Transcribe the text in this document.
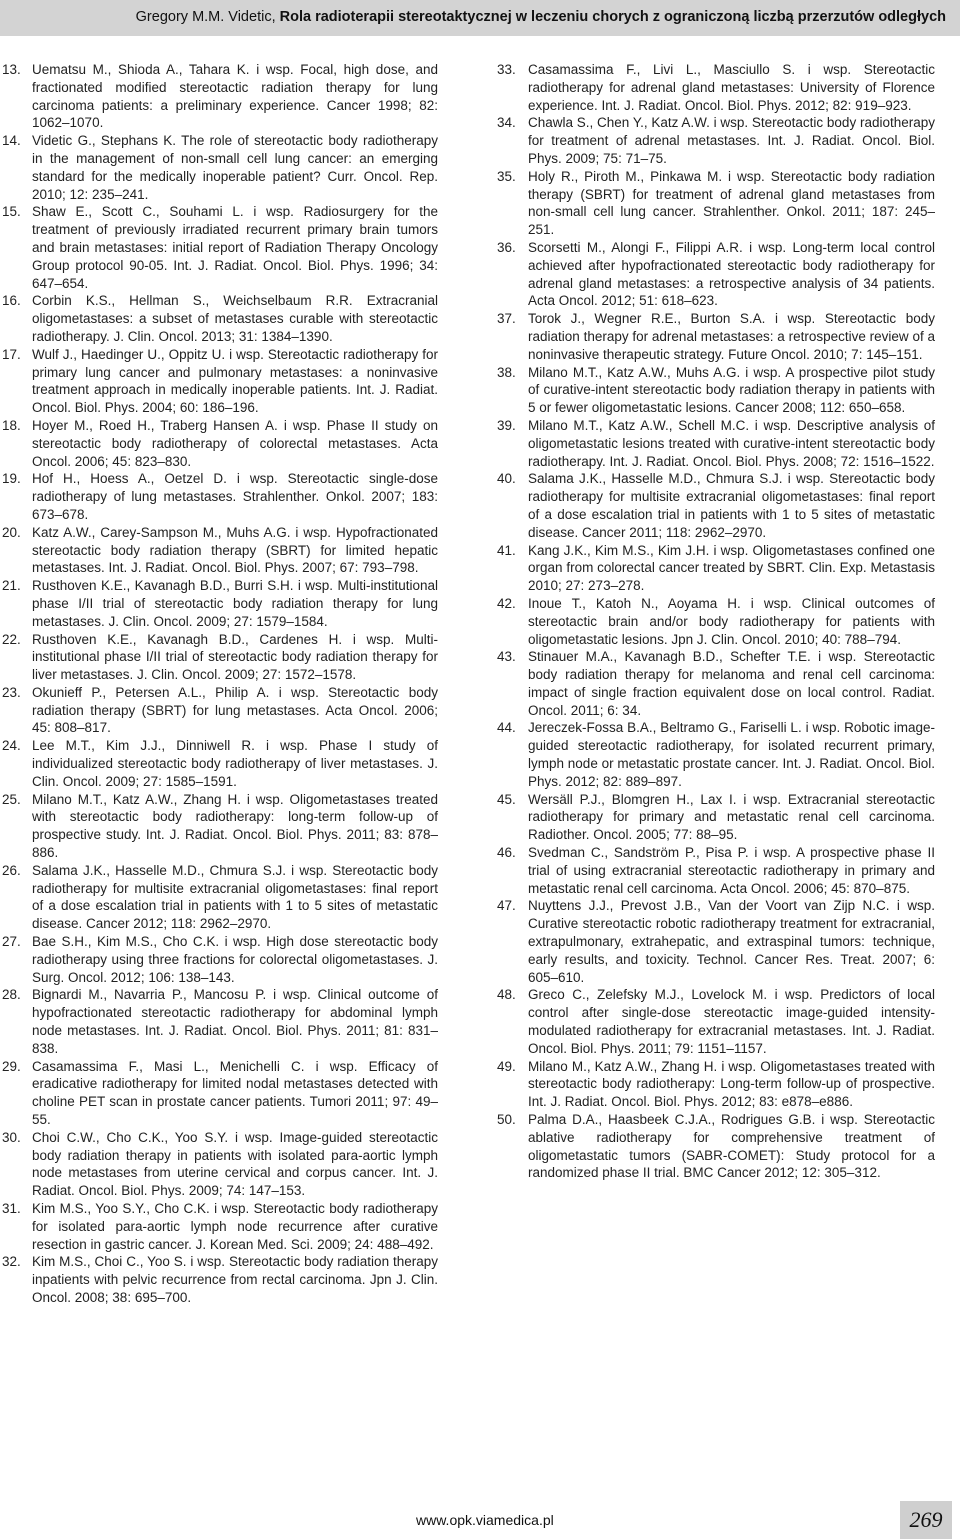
Gregory M.M. Videtic, Rola radioterapii stereotaktycznej w leczeniu chorych z ograniczoną liczbą przerzutów odległych

13. Uematsu M., Shioda A., Tahara K. i wsp. Focal, high dose, and fractionated modified stereotactic radiation therapy for lung carcinoma patients: a preliminary experience. Cancer 1998; 82: 1062–1070.

14. Videtic G., Stephans K. The role of stereotactic body radiotherapy in the management of non-small cell lung cancer: an emerging standard for the medically inoperable patient? Curr. Oncol. Rep. 2010; 12: 235–241.

15. Shaw E., Scott C., Souhami L. i wsp. Radiosurgery for the treatment of previously irradiated recurrent primary brain tumors and brain metastases: initial report of Radiation Therapy Oncology Group protocol 90-05. Int. J. Radiat. Oncol. Biol. Phys. 1996; 34: 647–654.

16. Corbin K.S., Hellman S., Weichselbaum R.R. Extracranial oligometastases: a subset of metastases curable with stereotactic radiotherapy. J. Clin. Oncol. 2013; 31: 1384–1390.

17. Wulf J., Haedinger U., Oppitz U. i wsp. Stereotactic radiotherapy for primary lung cancer and pulmonary metastases: a noninvasive treatment approach in medically inoperable patients. Int. J. Radiat. Oncol. Biol. Phys. 2004; 60: 186–196.

18. Hoyer M., Roed H., Traberg Hansen A. i wsp. Phase II study on stereotactic body radiotherapy of colorectal metastases. Acta Oncol. 2006; 45: 823–830.

19. Hof H., Hoess A., Oetzel D. i wsp. Stereotactic single-dose radiotherapy of lung metastases. Strahlenther. Onkol. 2007; 183: 673–678.

20. Katz A.W., Carey-Sampson M., Muhs A.G. i wsp. Hypofractionated stereotactic body radiation therapy (SBRT) for limited hepatic metastases. Int. J. Radiat. Oncol. Biol. Phys. 2007; 67: 793–798.

21. Rusthoven K.E., Kavanagh B.D., Burri S.H. i wsp. Multi-institutional phase I/II trial of stereotactic body radiation therapy for lung metastases. J. Clin. Oncol. 2009; 27: 1579–1584.

22. Rusthoven K.E., Kavanagh B.D., Cardenes H. i wsp. Multi-institutional phase I/II trial of stereotactic body radiation therapy for liver metastases. J. Clin. Oncol. 2009; 27: 1572–1578.

23. Okunieff P., Petersen A.L., Philip A. i wsp. Stereotactic body radiation therapy (SBRT) for lung metastases. Acta Oncol. 2006; 45: 808–817.

24. Lee M.T., Kim J.J., Dinniwell R. i wsp. Phase I study of individualized stereotactic body radiotherapy of liver metastases. J. Clin. Oncol. 2009; 27: 1585–1591.

25. Milano M.T., Katz A.W., Zhang H. i wsp. Oligometastases treated with stereotactic body radiotherapy: long-term follow-up of prospective study. Int. J. Radiat. Oncol. Biol. Phys. 2011; 83: 878–886.

26. Salama J.K., Hasselle M.D., Chmura S.J. i wsp. Stereotactic body radiotherapy for multisite extracranial oligometastases: final report of a dose escalation trial in patients with 1 to 5 sites of metastatic disease. Cancer 2012; 118: 2962–2970.

27. Bae S.H., Kim M.S., Cho C.K. i wsp. High dose stereotactic body radiotherapy using three fractions for colorectal oligometastases. J. Surg. Oncol. 2012; 106: 138–143.

28. Bignardi M., Navarria P., Mancosu P. i wsp. Clinical outcome of hypofractionated stereotactic radiotherapy for abdominal lymph node metastases. Int. J. Radiat. Oncol. Biol. Phys. 2011; 81: 831–838.

29. Casamassima F., Masi L., Menichelli C. i wsp. Efficacy of eradicative radiotherapy for limited nodal metastases detected with choline PET scan in prostate cancer patients. Tumori 2011; 97: 49–55.

30. Choi C.W., Cho C.K., Yoo S.Y. i wsp. Image-guided stereotactic body radiation therapy in patients with isolated para-aortic lymph node metastases from uterine cervical and corpus cancer. Int. J. Radiat. Oncol. Biol. Phys. 2009; 74: 147–153.

31. Kim M.S., Yoo S.Y., Cho C.K. i wsp. Stereotactic body radiotherapy for isolated para-aortic lymph node recurrence after curative resection in gastric cancer. J. Korean Med. Sci. 2009; 24: 488–492.

32. Kim M.S., Choi C., Yoo S. i wsp. Stereotactic body radiation therapy inpatients with pelvic recurrence from rectal carcinoma. Jpn J. Clin. Oncol. 2008; 38: 695–700.

33. Casamassima F., Livi L., Masciullo S. i wsp. Stereotactic radiotherapy for adrenal gland metastases: University of Florence experience. Int. J. Radiat. Oncol. Biol. Phys. 2012; 82: 919–923.

34. Chawla S., Chen Y., Katz A.W. i wsp. Stereotactic body radiotherapy for treatment of adrenal metastases. Int. J. Radiat. Oncol. Biol. Phys. 2009; 75: 71–75.

35. Holy R., Piroth M., Pinkawa M. i wsp. Stereotactic body radiation therapy (SBRT) for treatment of adrenal gland metastases from non-small cell lung cancer. Strahlenther. Onkol. 2011; 187: 245–251.

36. Scorsetti M., Alongi F., Filippi A.R. i wsp. Long-term local control achieved after hypofractionated stereotactic body radiotherapy for adrenal gland metastases: a retrospective analysis of 34 patients. Acta Oncol. 2012; 51: 618–623.

37. Torok J., Wegner R.E., Burton S.A. i wsp. Stereotactic body radiation therapy for adrenal metastases: a retrospective review of a noninvasive therapeutic strategy. Future Oncol. 2010; 7: 145–151.

38. Milano M.T., Katz A.W., Muhs A.G. i wsp. A prospective pilot study of curative-intent stereotactic body radiation therapy in patients with 5 or fewer oligometastatic lesions. Cancer 2008; 112: 650–658.

39. Milano M.T., Katz A.W., Schell M.C. i wsp. Descriptive analysis of oligometastatic lesions treated with curative-intent stereotactic body radiotherapy. Int. J. Radiat. Oncol. Biol. Phys. 2008; 72: 1516–1522.

40. Salama J.K., Hasselle M.D., Chmura S.J. i wsp. Stereotactic body radiotherapy for multisite extracranial oligometastases: final report of a dose escalation trial in patients with 1 to 5 sites of metastatic disease. Cancer 2011; 118: 2962–2970.

41. Kang J.K., Kim M.S., Kim J.H. i wsp. Oligometastases confined one organ from colorectal cancer treated by SBRT. Clin. Exp. Metastasis 2010; 27: 273–278.

42. Inoue T., Katoh N., Aoyama H. i wsp. Clinical outcomes of stereotactic brain and/or body radiotherapy for patients with oligometastatic lesions. Jpn J. Clin. Oncol. 2010; 40: 788–794.

43. Stinauer M.A., Kavanagh B.D., Schefter T.E. i wsp. Stereotactic body radiation therapy for melanoma and renal cell carcinoma: impact of single fraction equivalent dose on local control. Radiat. Oncol. 2011; 6: 34.

44. Jereczek-Fossa B.A., Beltramo G., Fariselli L. i wsp. Robotic image-guided stereotactic radiotherapy, for isolated recurrent primary, lymph node or metastatic prostate cancer. Int. J. Radiat. Oncol. Biol. Phys. 2012; 82: 889–897.

45. Wersäll P.J., Blomgren H., Lax I. i wsp. Extracranial stereotactic radiotherapy for primary and metastatic renal cell carcinoma. Radiother. Oncol. 2005; 77: 88–95.

46. Svedman C., Sandström P., Pisa P. i wsp. A prospective phase II trial of using extracranial stereotactic radiotherapy in primary and metastatic renal cell carcinoma. Acta Oncol. 2006; 45: 870–875.

47. Nuyttens J.J., Prevost J.B., Van der Voort van Zijp N.C. i wsp. Curative stereotactic robotic radiotherapy treatment for extracranial, extrapulmonary, extrahepatic, and extraspinal tumors: technique, early results, and toxicity. Technol. Cancer Res. Treat. 2007; 6: 605–610.

48. Greco C., Zelefsky M.J., Lovelock M. i wsp. Predictors of local control after single-dose stereotactic image-guided intensity-modulated radiotherapy for extracranial metastases. Int. J. Radiat. Oncol. Biol. Phys. 2011; 79: 1151–1157.

49. Milano M., Katz A.W., Zhang H. i wsp. Oligometastases treated with stereotactic body radiotherapy: Long-term follow-up of prospective. Int. J. Radiat. Oncol. Biol. Phys. 2012; 83: e878–e886.

50. Palma D.A., Haasbeek C.J.A., Rodrigues G.B. i wsp. Stereotactic ablative radiotherapy for comprehensive treatment of oligometastatic tumors (SABR-COMET): Study protocol for a randomized phase II trial. BMC Cancer 2012; 12: 305–312.

www.opk.viamedica.pl	269
